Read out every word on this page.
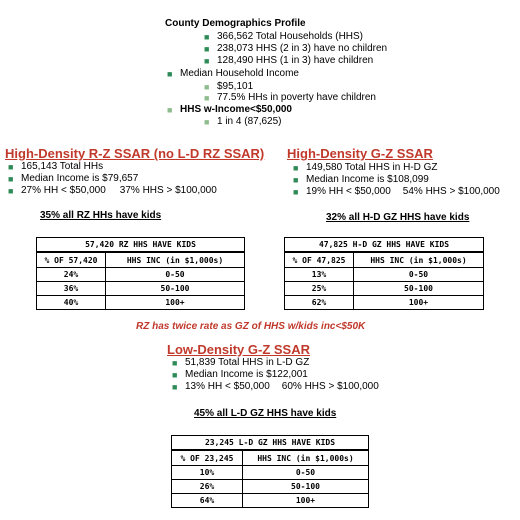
County Demographics Profile
■ 366,562 Total Households (HHS)
■ 238,073 HHS (2 in 3) have no children
■ 128,490 HHS (1 in 3) have children
■ Median Household Income
■ $95,101
■ 77.5% HHs in poverty have children
■ HHS w-Income<$50,000
■ 1 in 4 (87,625)
High-Density R-Z SSAR (no L-D RZ SSAR)
■ 165,143 Total HHs
■ Median Income is $79,657
■ 27% HH < $50,000 37% HHS > $100,000
35% all RZ HHs have kids
57,420 RZ HHS HAVE KIDS	
% OF 57,420	HHS INC (in $1,000s)
24%	0-50
36%	50-100
40%	100+
High-Density G-Z SSAR
■ 149,580 Total HHS in H-D GZ
■ Median Income is $108,099
■ 19% HH < $50,000 54% HHS > $100,000
32% all H-D GZ HHS have kids
47,825 H-D GZ HHS HAVE KIDS	
% OF 47,825	HHS INC (in $1,000s)
13%	0-50
25%	50-100
62%	100+
RZ has twice rate as GZ of HHS w/kids inc<$50K
Low-Density G-Z SSAR
■ 51,839 Total HHS in L-D GZ
■ Median Income is $122,001
■ 13% HH < $50,000 60% HHS > $100,000
45% all L-D GZ HHS have kids
23,245 L-D GZ HHS HAVE KIDS	
% OF 23,245	HHS INC (in $1,000s)
10%	0-50
26%	50-100
64%	100+
